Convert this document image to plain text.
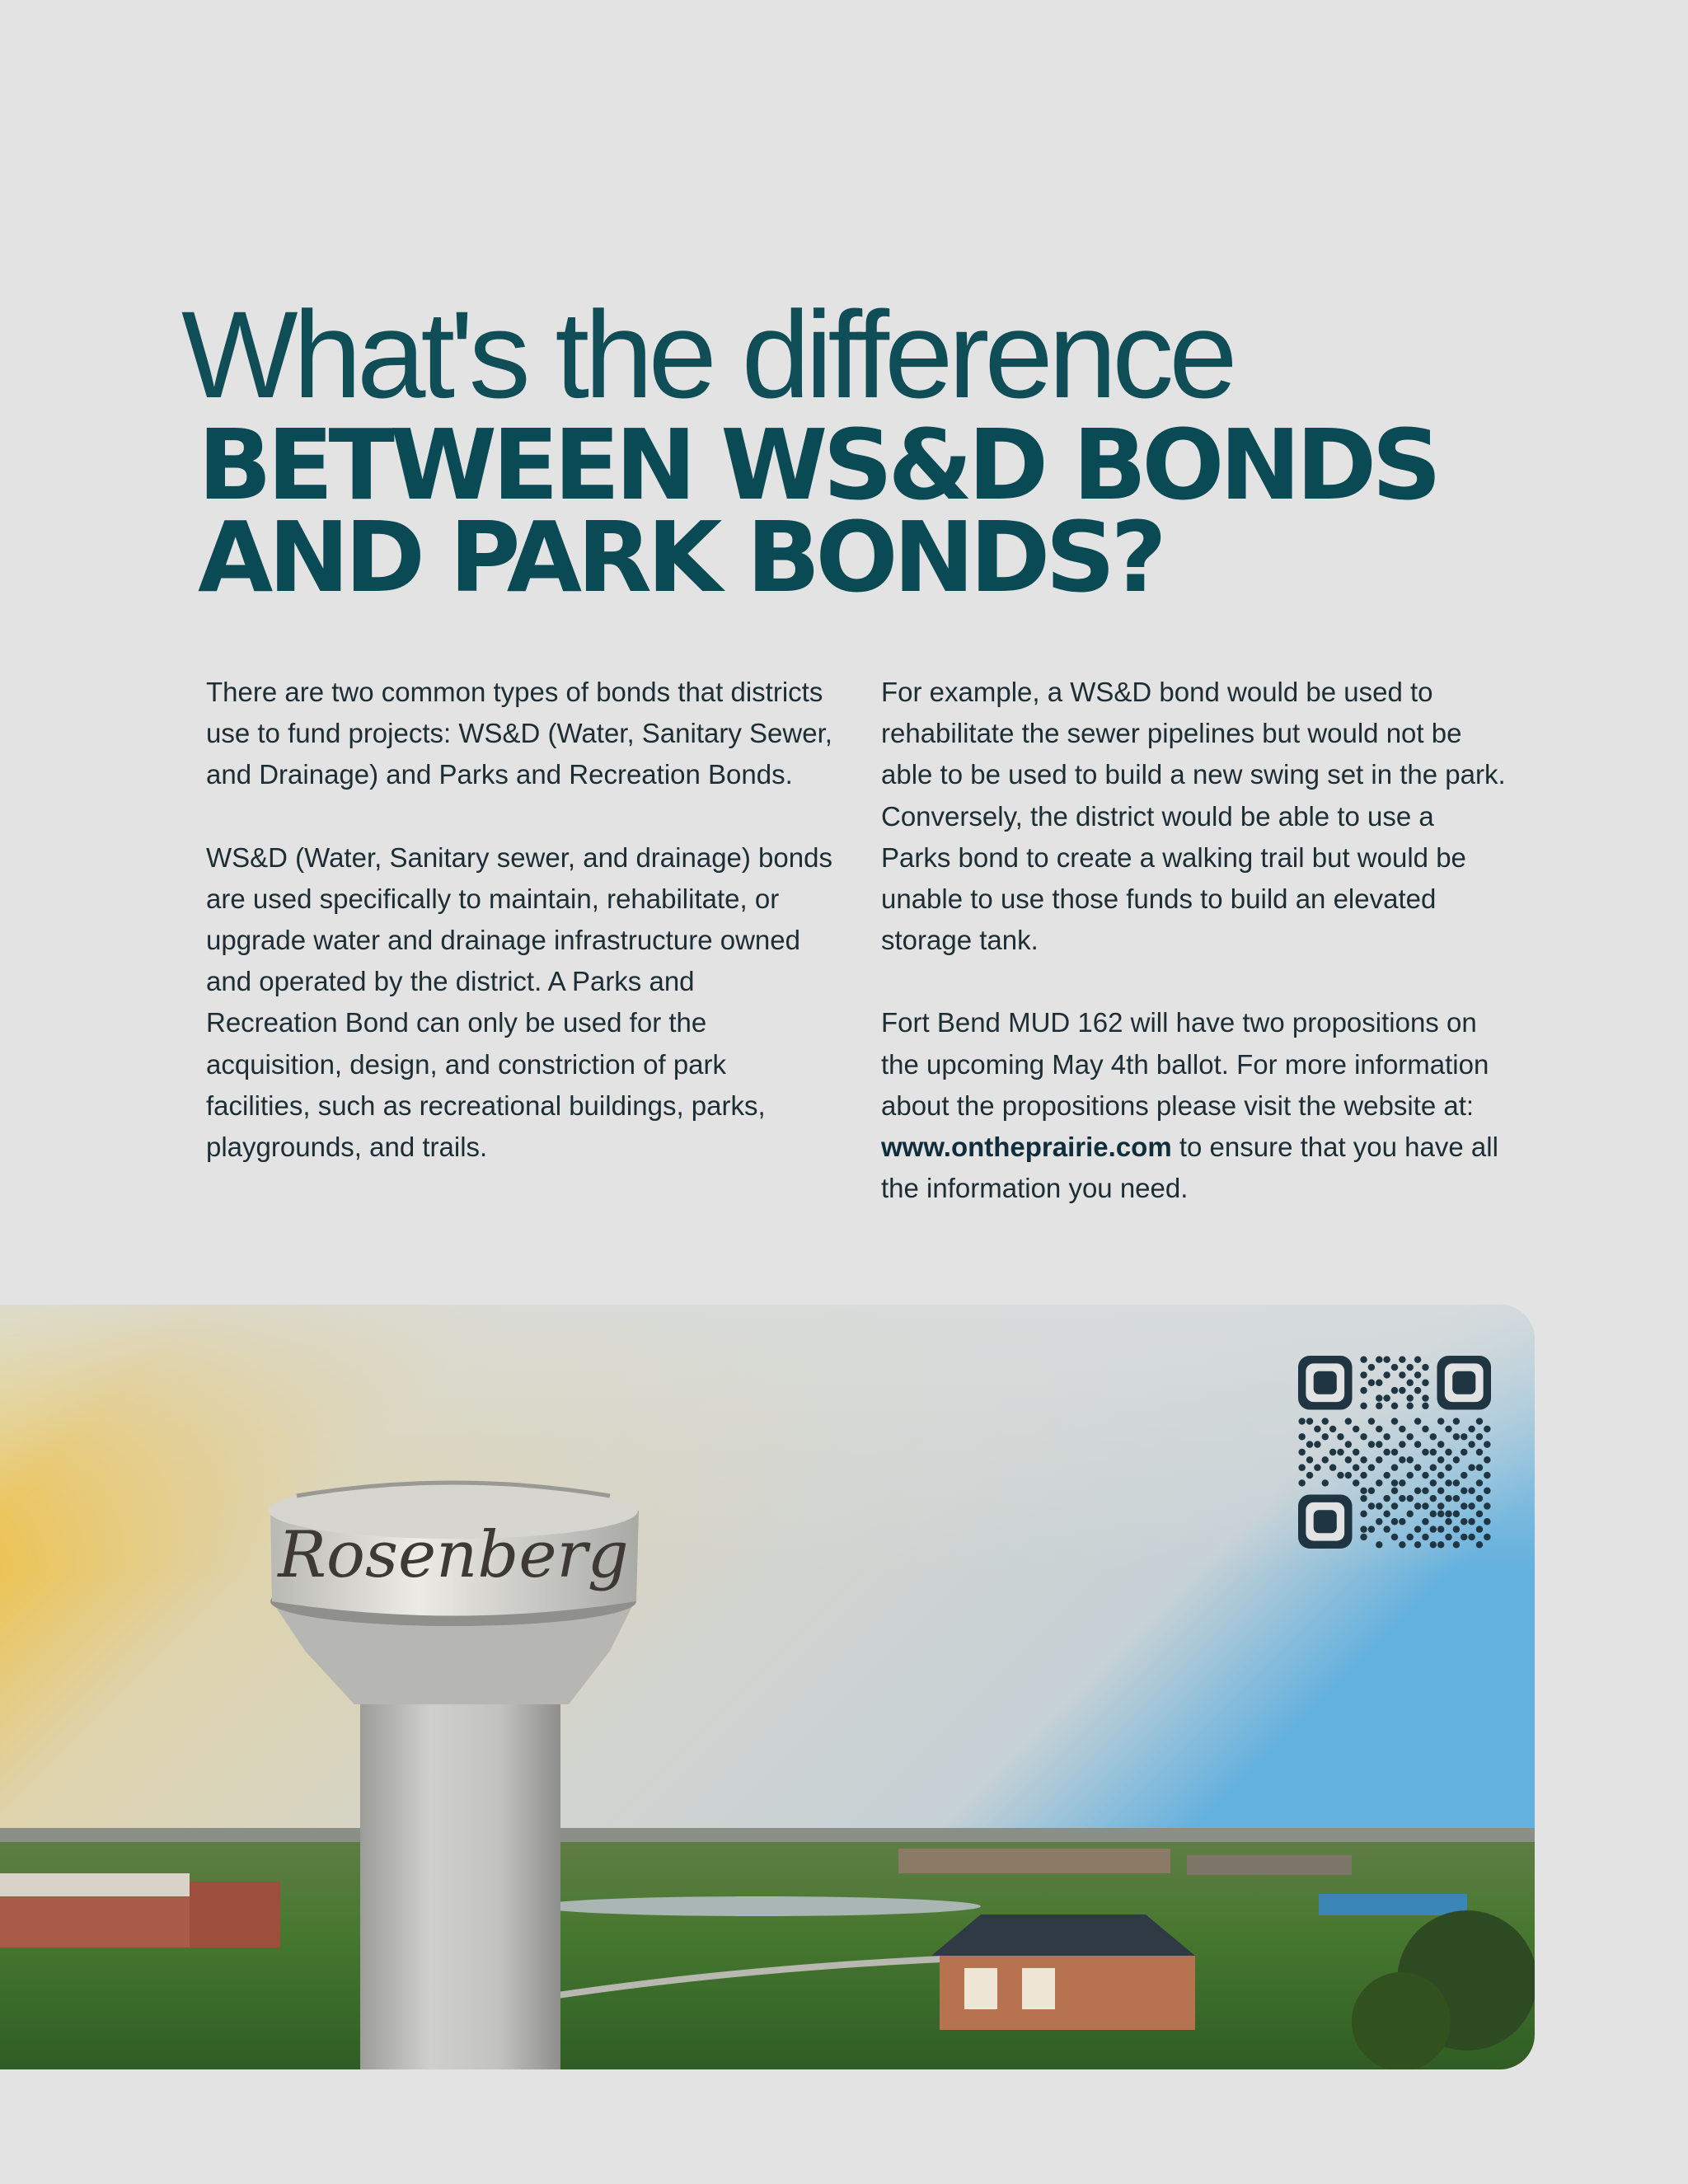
What's the difference
BETWEEN WS&D BONDS
AND PARK BONDS?

There are two common types of bonds that districts use to fund projects: WS&D (Water, Sanitary Sewer, and Drainage) and Parks and Recreation Bonds.

WS&D (Water, Sanitary sewer, and drainage) bonds are used specifically to maintain, rehabilitate, or upgrade water and drainage infrastructure owned and operated by the district. A Parks and Recreation Bond can only be used for the acquisition, design, and constriction of park facilities, such as recreational buildings, parks, playgrounds, and trails.

For example, a WS&D bond would be used to rehabilitate the sewer pipelines but would not be able to be used to build a new swing set in the park. Conversely, the district would be able to use a Parks bond to create a walking trail but would be unable to use those funds to build an elevated storage tank.

Fort Bend MUD 162 will have two propositions on the upcoming May 4th ballot. For more information about the propositions please visit the website at: www.ontheprairie.com to ensure that you have all the information you need.

Rosenberg
